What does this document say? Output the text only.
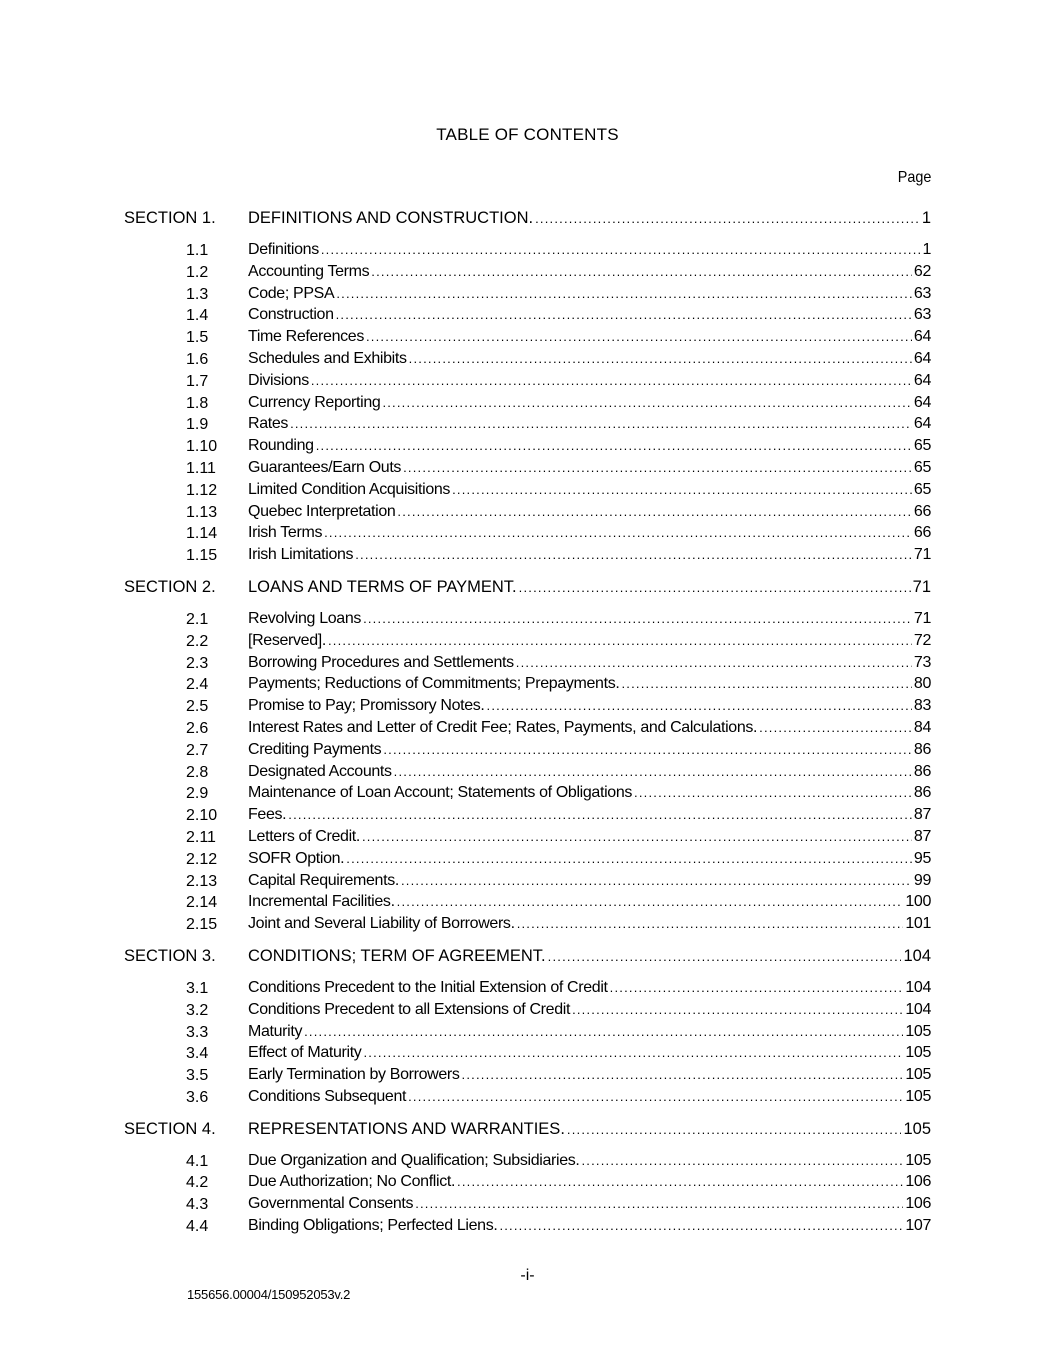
TABLE OF CONTENTS
Page
SECTION 1. DEFINITIONS AND CONSTRUCTION. .....	1
1.1 Definitions .....	1
1.2 Accounting Terms .....	62
1.3 Code; PPSA .....	63
1.4 Construction .....	63
1.5 Time References .....	64
1.6 Schedules and Exhibits .....	64
1.7 Divisions .....	64
1.8 Currency Reporting .....	64
1.9 Rates .....	64
1.10 Rounding .....	65
1.11 Guarantees/Earn Outs .....	65
1.12 Limited Condition Acquisitions .....	65
1.13 Quebec Interpretation .....	66
1.14 Irish Terms .....	66
1.15 Irish Limitations .....	71
SECTION 2. LOANS AND TERMS OF PAYMENT. .....	71
2.1 Revolving Loans .....	71
2.2 [Reserved]. .....	72
2.3 Borrowing Procedures and Settlements .....	73
2.4 Payments; Reductions of Commitments; Prepayments. .....	80
2.5 Promise to Pay; Promissory Notes. .....	83
2.6 Interest Rates and Letter of Credit Fee; Rates, Payments, and Calculations. .....	84
2.7 Crediting Payments .....	86
2.8 Designated Accounts .....	86
2.9 Maintenance of Loan Account; Statements of Obligations .....	86
2.10 Fees. .....	87
2.11 Letters of Credit. .....	87
2.12 SOFR Option. .....	95
2.13 Capital Requirements. .....	99
2.14 Incremental Facilities. .....	100
2.15 Joint and Several Liability of Borrowers. .....	101
SECTION 3. CONDITIONS; TERM OF AGREEMENT. .....	104
3.1 Conditions Precedent to the Initial Extension of Credit .....	104
3.2 Conditions Precedent to all Extensions of Credit .....	104
3.3 Maturity .....	105
3.4 Effect of Maturity .....	105
3.5 Early Termination by Borrowers .....	105
3.6 Conditions Subsequent .....	105
SECTION 4. REPRESENTATIONS AND WARRANTIES. .....	105
4.1 Due Organization and Qualification; Subsidiaries. .....	105
4.2 Due Authorization; No Conflict. .....	106
4.3 Governmental Consents .....	106
4.4 Binding Obligations; Perfected Liens. .....	107
-i-
155656.00004/150952053v.2
